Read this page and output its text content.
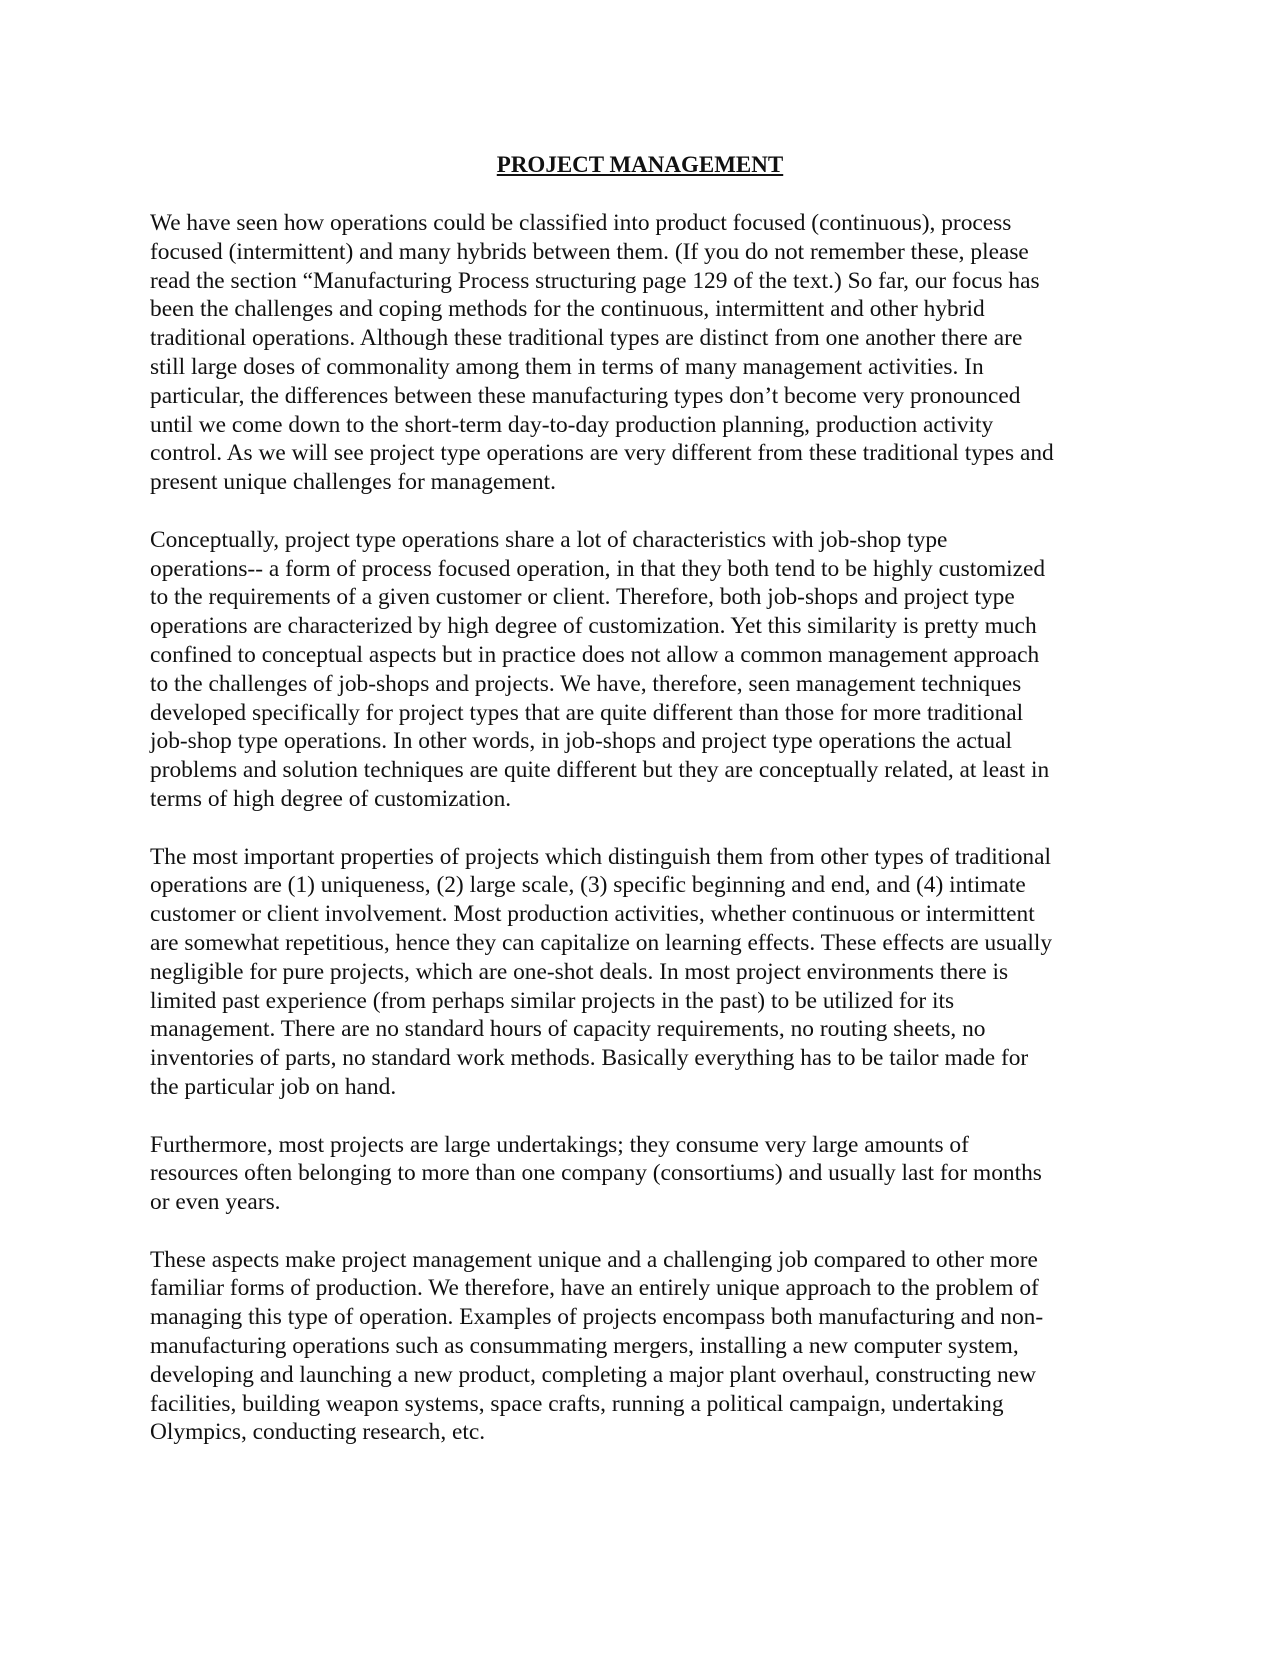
PROJECT MANAGEMENT

We have seen how operations could be classified into product focused (continuous), process
focused (intermittent) and many hybrids between them. (If you do not remember these, please
read the section “Manufacturing Process structuring page 129 of the text.) So far, our focus has
been the challenges and coping methods for the continuous, intermittent and other hybrid
traditional operations. Although these traditional types are distinct from one another there are
still large doses of commonality among them in terms of many management activities. In
particular, the differences between these manufacturing types don’t become very pronounced
until we come down to the short-term day-to-day production planning, production activity
control. As we will see project type operations are very different from these traditional types and
present unique challenges for management.

Conceptually, project type operations share a lot of characteristics with job-shop type
operations-- a form of process focused operation, in that they both tend to be highly customized
to the requirements of a given customer or client. Therefore, both job-shops and project type
operations are characterized by high degree of customization. Yet this similarity is pretty much
confined to conceptual aspects but in practice does not allow a common management approach
to the challenges of job-shops and projects. We have, therefore, seen management techniques
developed specifically for project types that are quite different than those for more traditional
job-shop type operations. In other words, in job-shops and project type operations the actual
problems and solution techniques are quite different but they are conceptually related, at least in
terms of high degree of customization.

The most important properties of projects which distinguish them from other types of traditional
operations are (1) uniqueness, (2) large scale, (3) specific beginning and end, and (4) intimate
customer or client involvement. Most production activities, whether continuous or intermittent
are somewhat repetitious, hence they can capitalize on learning effects. These effects are usually
negligible for pure projects, which are one-shot deals. In most project environments there is
limited past experience (from perhaps similar projects in the past) to be utilized for its
management. There are no standard hours of capacity requirements, no routing sheets, no
inventories of parts, no standard work methods. Basically everything has to be tailor made for
the particular job on hand.

Furthermore, most projects are large undertakings; they consume very large amounts of
resources often belonging to more than one company (consortiums) and usually last for months
or even years.

These aspects make project management unique and a challenging job compared to other more
familiar forms of production. We therefore, have an entirely unique approach to the problem of
managing this type of operation. Examples of projects encompass both manufacturing and non-
manufacturing operations such as consummating mergers, installing a new computer system,
developing and launching a new product, completing a major plant overhaul, constructing new
facilities, building weapon systems, space crafts, running a political campaign, undertaking
Olympics, conducting research, etc.
